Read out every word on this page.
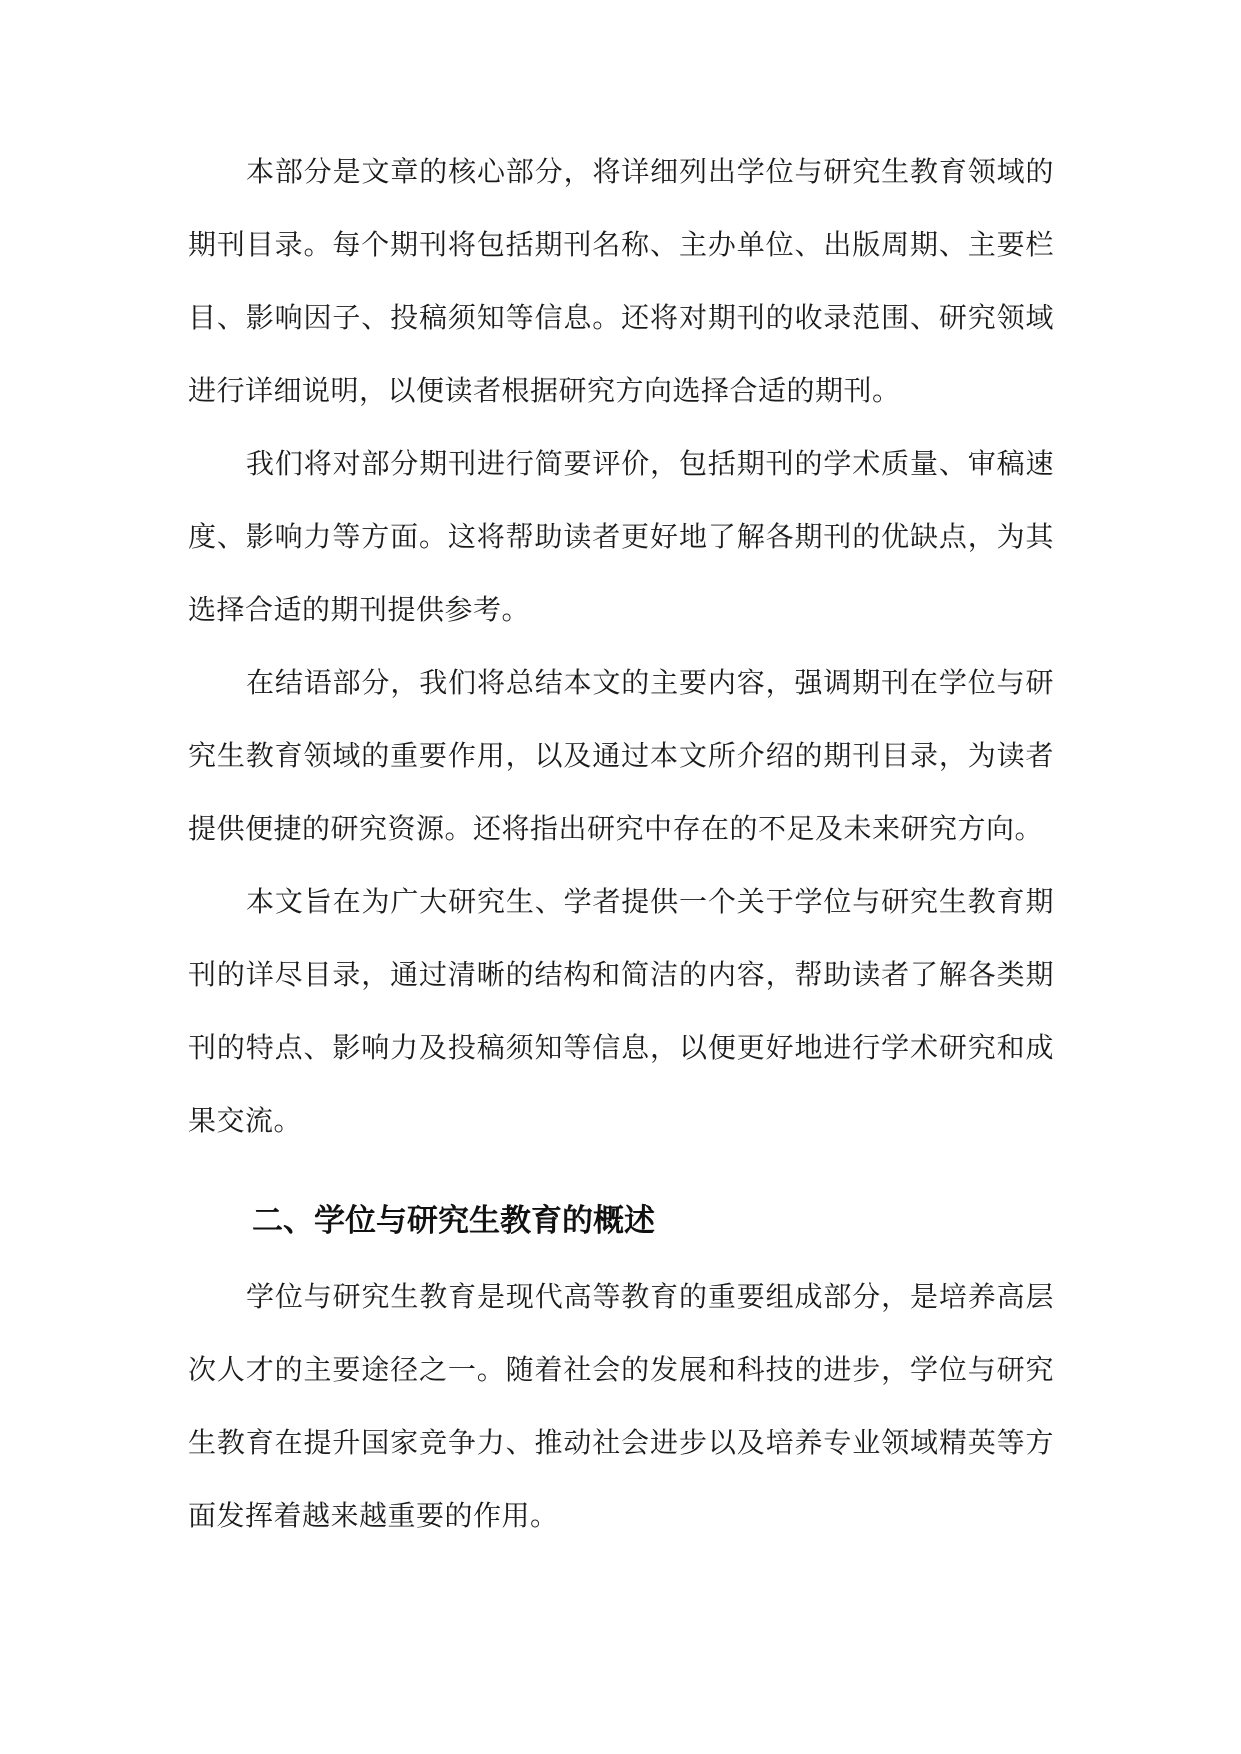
本部分是文章的核心部分，将详细列出学位与研究生教育领域的期刊目录。每个期刊将包括期刊名称、主办单位、出版周期、主要栏目、影响因子、投稿须知等信息。还将对期刊的收录范围、研究领域进行详细说明，以便读者根据研究方向选择合适的期刊。

我们将对部分期刊进行简要评价，包括期刊的学术质量、审稿速度、影响力等方面。这将帮助读者更好地了解各期刊的优缺点，为其选择合适的期刊提供参考。

在结语部分，我们将总结本文的主要内容，强调期刊在学位与研究生教育领域的重要作用，以及通过本文所介绍的期刊目录，为读者提供便捷的研究资源。还将指出研究中存在的不足及未来研究方向。

本文旨在为广大研究生、学者提供一个关于学位与研究生教育期刊的详尽目录，通过清晰的结构和简洁的内容，帮助读者了解各类期刊的特点、影响力及投稿须知等信息，以便更好地进行学术研究和成果交流。

二、学位与研究生教育的概述

学位与研究生教育是现代高等教育的重要组成部分，是培养高层次人才的主要途径之一。随着社会的发展和科技的进步，学位与研究生教育在提升国家竞争力、推动社会进步以及培养专业领域精英等方面发挥着越来越重要的作用。
